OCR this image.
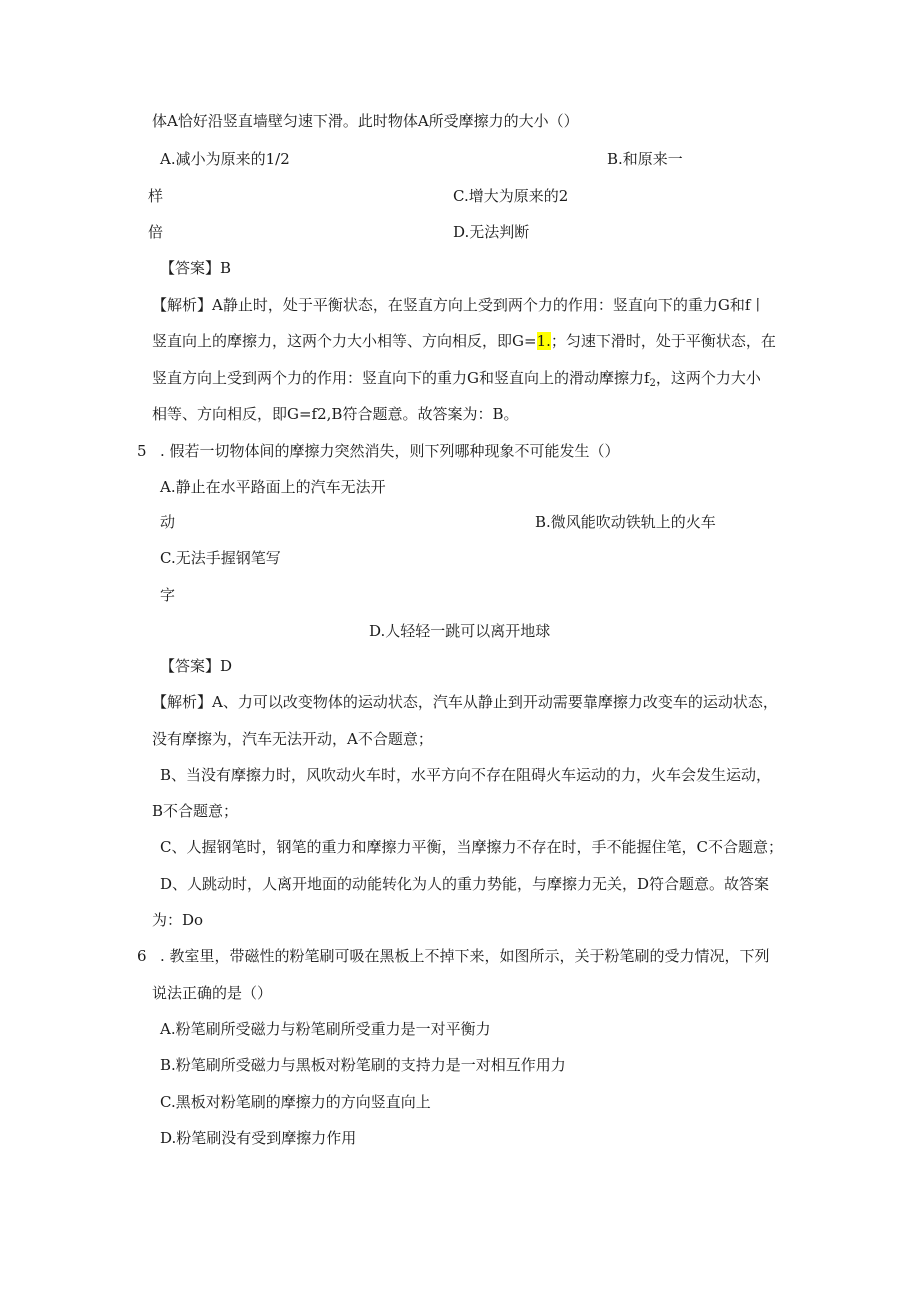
体A恰好沿竖直墙壁匀速下滑。此时物体A所受摩擦力的大小（）
A.减小为原来的1/2	B.和原来一
样	C.增大为原来的2
倍	D.无法判断
【答案】B
【解析】A静止时，处于平衡状态，在竖直方向上受到两个力的作用：竖直向下的重力G和f丨
竖直向上的摩擦力，这两个力大小相等、方向相反，即G=1.；匀速下滑时，处于平衡状态，在
竖直方向上受到两个力的作用：竖直向下的重力G和竖直向上的滑动摩擦力$f_2$，这两个力大小
相等、方向相反，即G=f2,B符合题意。故答案为：B。
5 . 假若一切物体间的摩擦力突然消失，则下列哪种现象不可能发生（）
A.静止在水平路面上的汽车无法开
动	B.微风能吹动铁轨上的火车
C.无法手握钢笔写
字
D.人轻轻一跳可以离开地球
【答案】D
【解析】A、力可以改变物体的运动状态，汽车从静止到开动需要靠摩擦力改变车的运动状态，
没有摩擦为，汽车无法开动，A不合题意；
B、当没有摩擦力时，风吹动火车时，水平方向不存在阻碍火车运动的力，火车会发生运动，
B不合题意；
C、人握钢笔时，钢笔的重力和摩擦力平衡，当摩擦力不存在时，手不能握住笔，C不合题意；
D、人跳动时，人离开地面的动能转化为人的重力势能，与摩擦力无关，D符合题意。故答案
为：Do
6 . 教室里，带磁性的粉笔刷可吸在黑板上不掉下来，如图所示，关于粉笔刷的受力情况，下列
说法正确的是（）
A.粉笔刷所受磁力与粉笔刷所受重力是一对平衡力
B.粉笔刷所受磁力与黑板对粉笔刷的支持力是一对相互作用力
C.黑板对粉笔刷的摩擦力的方向竖直向上
D.粉笔刷没有受到摩擦力作用
